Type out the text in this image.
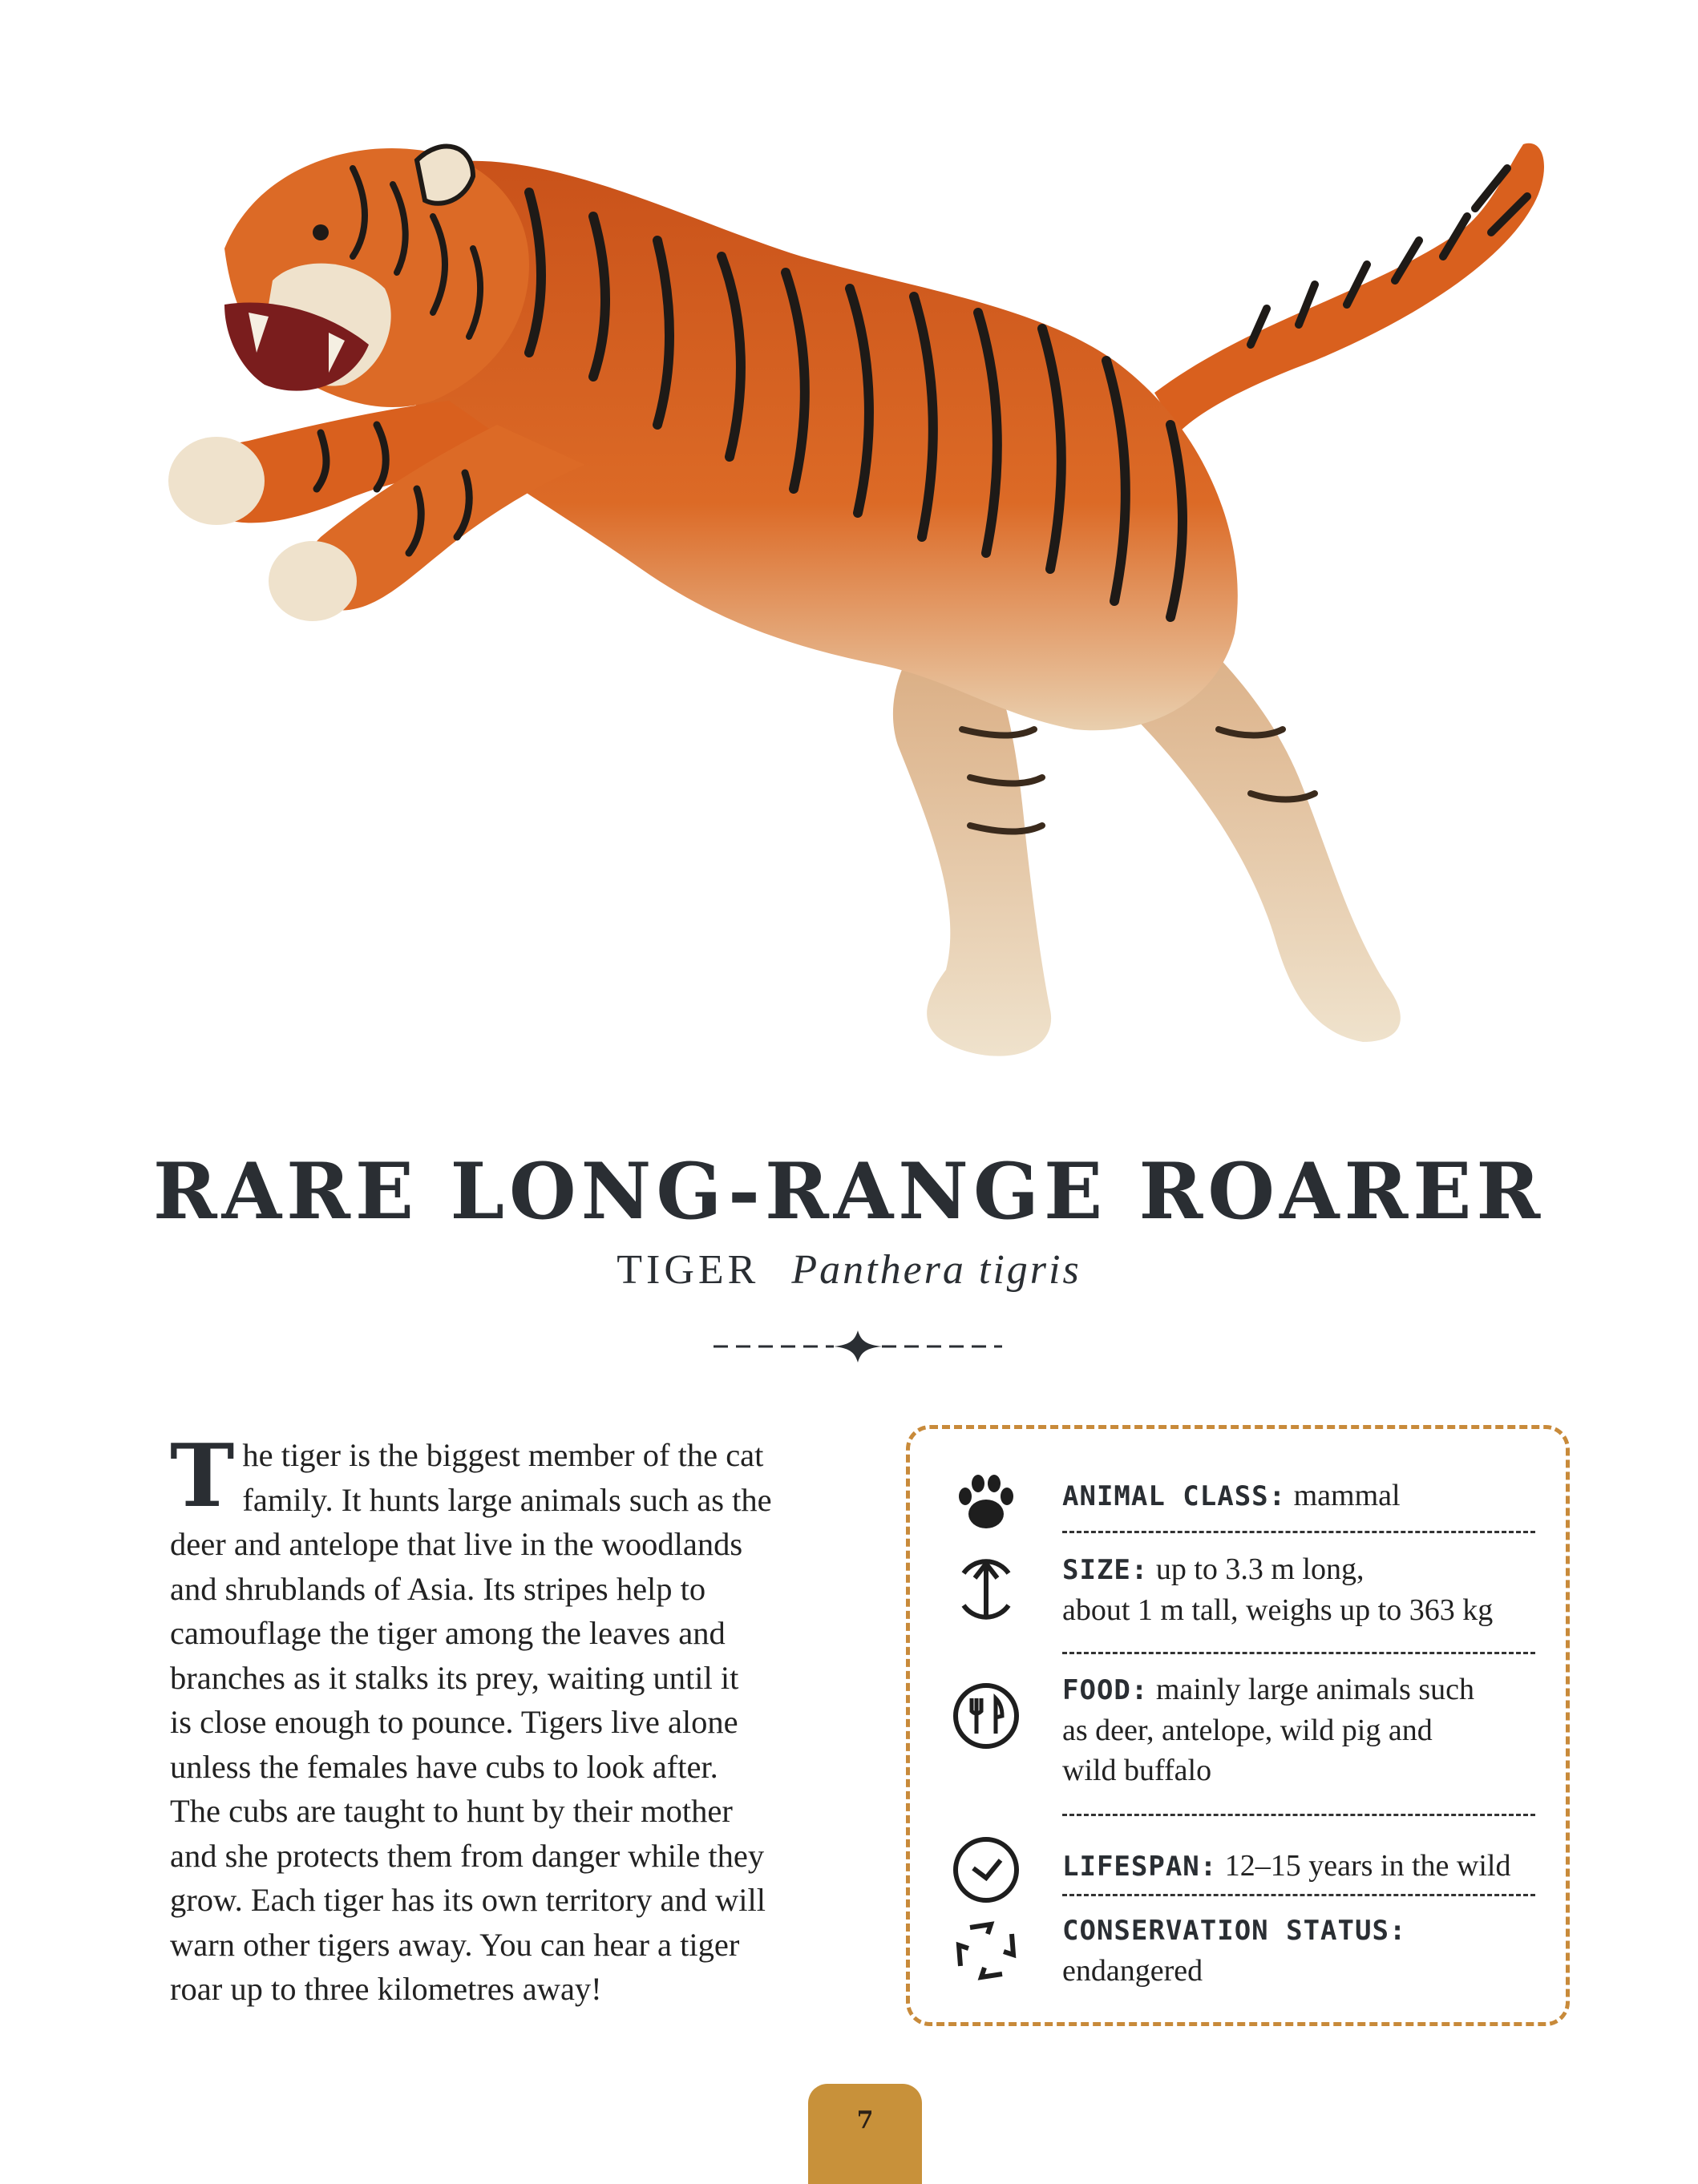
RARE LONG-RANGE ROARER
TIGER Panthera tigris
T he tiger is the biggest member of the cat
family. It hunts large animals such as the
deer and antelope that live in the woodlands
and shrublands of Asia. Its stripes help to
camouflage the tiger among the leaves and
branches as it stalks its prey, waiting until it
is close enough to pounce. Tigers live alone
unless the females have cubs to look after.
The cubs are taught to hunt by their mother
and she protects them from danger while they
grow. Each tiger has its own territory and will
warn other tigers away. You can hear a tiger
roar up to three kilometres away!
ANIMAL CLASS: mammal
SIZE: up to 3.3 m long,
about 1 m tall, weighs up to 363 kg
FOOD: mainly large animals such
as deer, antelope, wild pig and
wild buffalo
LIFESPAN: 12–15 years in the wild
CONSERVATION STATUS:
endangered
7
